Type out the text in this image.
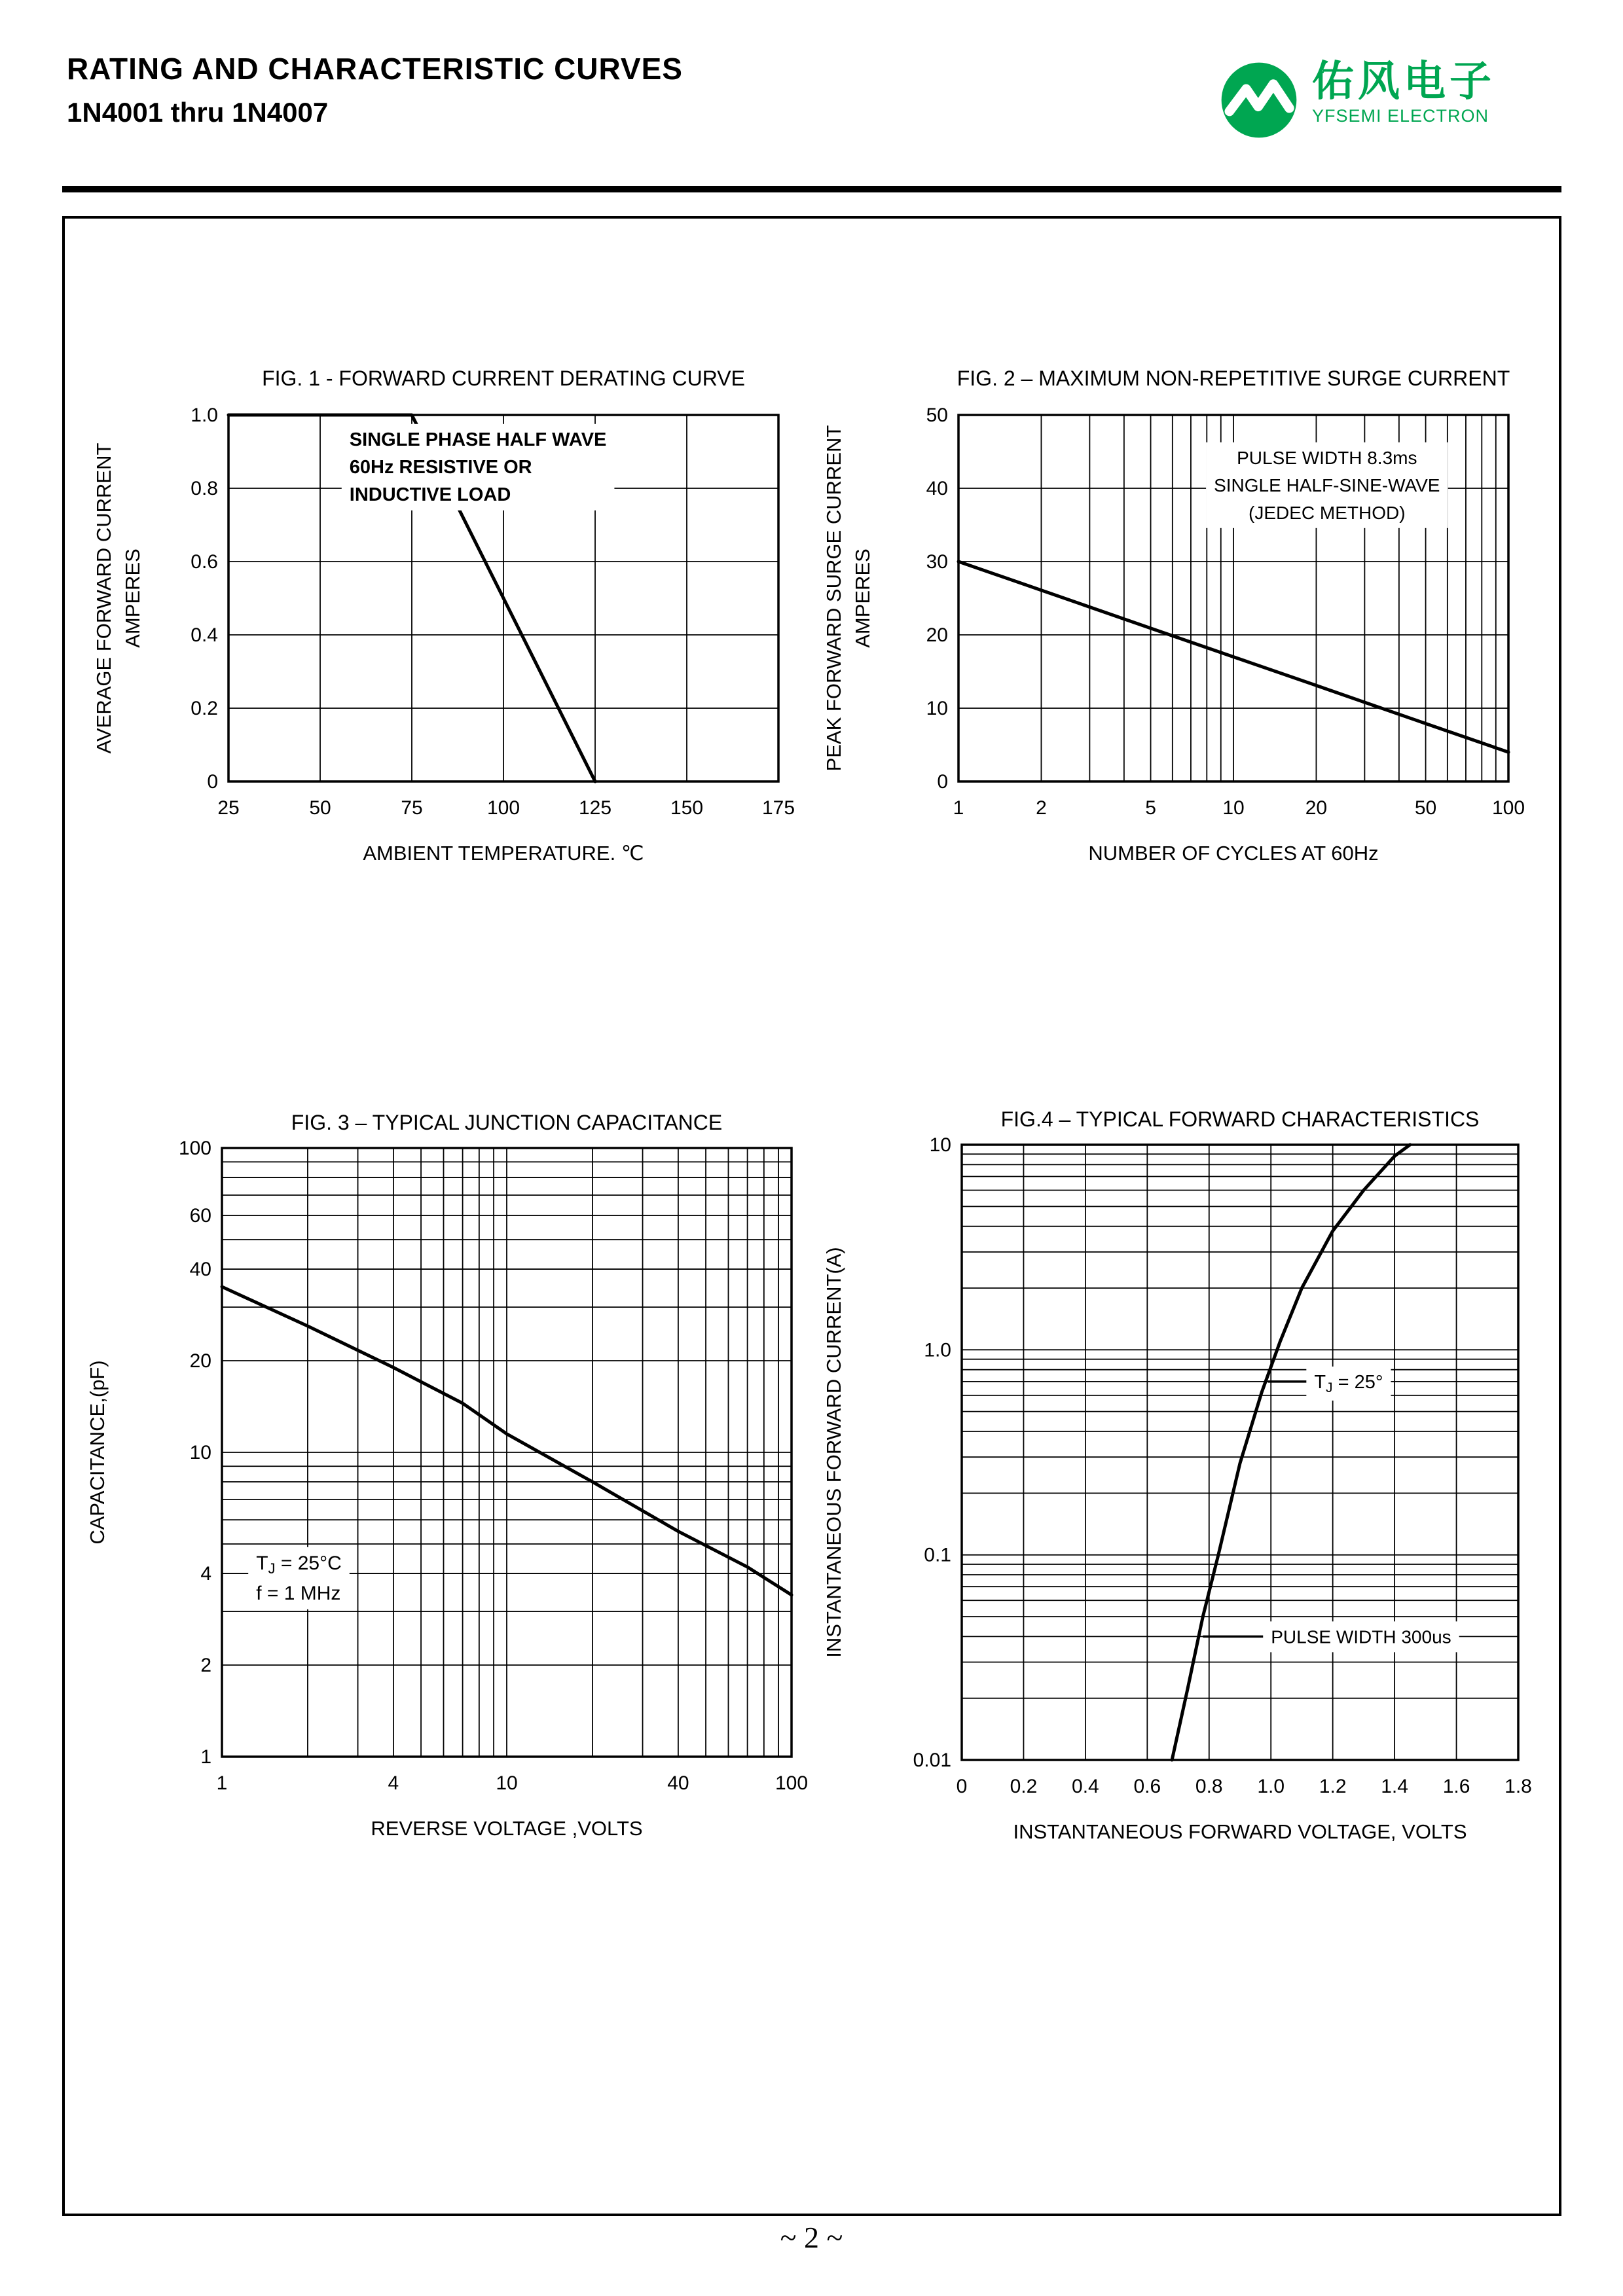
RATING AND CHARACTERISTIC CURVES
1N4001 thru 1N4007
佑风电子
YFSEMI ELECTRON
SINGLE PHASE HALF WAVE
60Hz RESISTIVE OR
INDUCTIVE LOAD
25	50	75	100	125	150	175
0
0.2
0.4
0.6
0.8
1.0
FIG. 1 - FORWARD CURRENT DERATING CURVE
AMBIENT TEMPERATURE. ℃
AVERAGE FORWARD CURRENT AMPERES
PULSE WIDTH 8.3ms
SINGLE HALF-SINE-WAVE
(JEDEC METHOD)
1	2	5	10	20	50	100
0
10
20
30
40
50
FIG. 2 – MAXIMUM NON-REPETITIVE SURGE CURRENT
NUMBER OF CYCLES AT 60Hz
PEAK FORWARD SURGE CURRENT AMPERES
$T_J = 25^\circ C$
f = 1 MHz
1	4	10	40	100
1
2
4
10
20
40
60
100
FIG. 3 – TYPICAL JUNCTION CAPACITANCE
REVERSE VOLTAGE ,VOLTS
CAPACITANCE,(pF)	$T_J = 25^\circ$
PULSE WIDTH 300us
0 0.2 0.4 0.6 0.8 1.0 1.2 1.4 1.6 1.8
0.01
0.1
1.0
10
FIG.4 – TYPICAL FORWARD CHARACTERISTICS
INSTANTANEOUS FORWARD VOLTAGE, VOLTS
INSTANTANEOUS FORWARD CURRENT(A)
~ 2 ~
